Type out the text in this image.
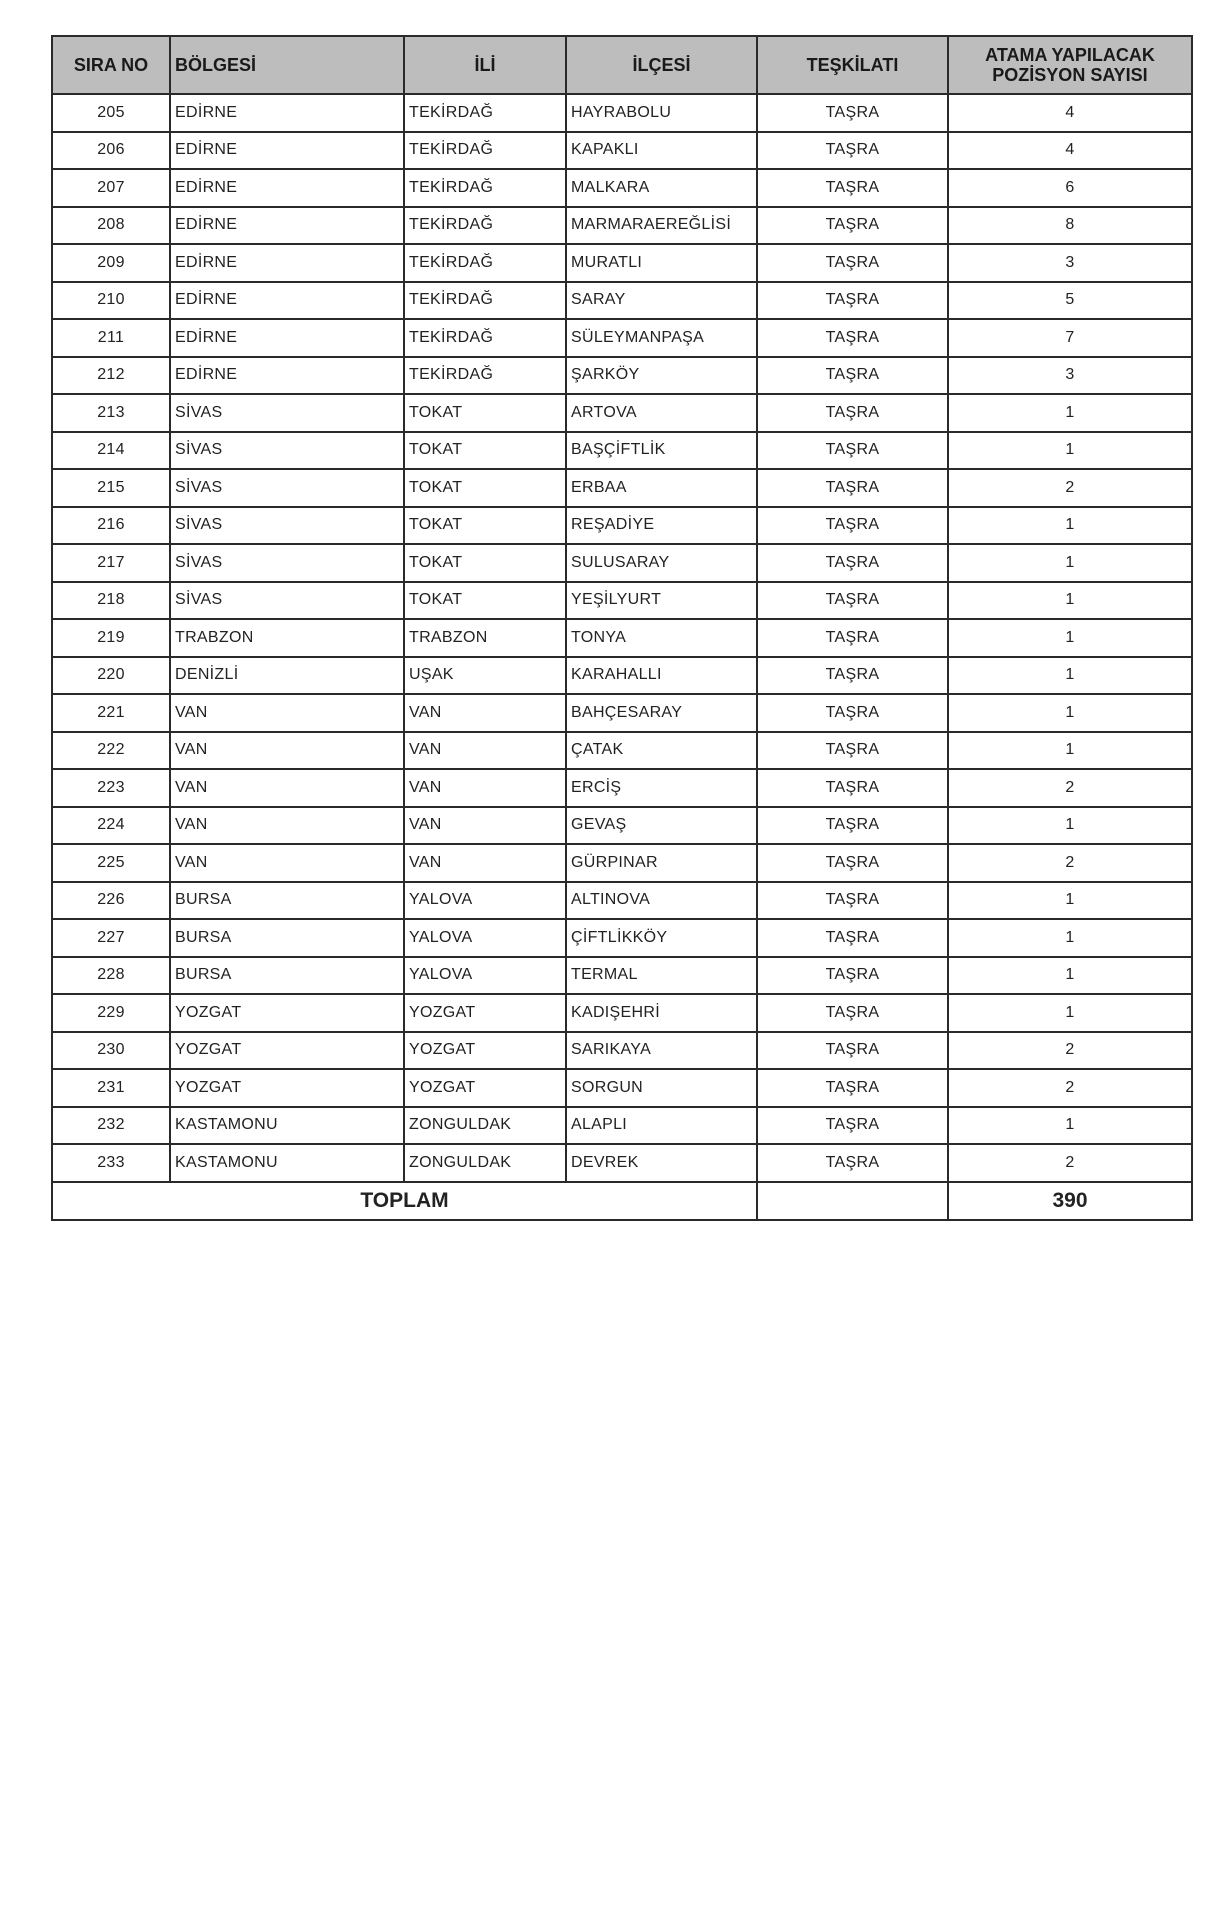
SIRA NO	BÖLGESİ	İLİ	İLÇESİ	TEŞKİLATI	ATAMA YAPILACAK
POZİSYON SAYISI

205	EDİRNE	TEKİRDAĞ	HAYRABOLU	TAŞRA	4
206	EDİRNE	TEKİRDAĞ	KAPAKLI	TAŞRA	4
207	EDİRNE	TEKİRDAĞ	MALKARA	TAŞRA	6
208	EDİRNE	TEKİRDAĞ	MARMARAEREĞLİSİ	TAŞRA	8
209	EDİRNE	TEKİRDAĞ	MURATLI	TAŞRA	3
210	EDİRNE	TEKİRDAĞ	SARAY	TAŞRA	5
211	EDİRNE	TEKİRDAĞ	SÜLEYMANPAŞA	TAŞRA	7
212	EDİRNE	TEKİRDAĞ	ŞARKÖY	TAŞRA	3
213	SİVAS	TOKAT	ARTOVA	TAŞRA	1
214	SİVAS	TOKAT	BAŞÇİFTLİK	TAŞRA	1
215	SİVAS	TOKAT	ERBAA	TAŞRA	2
216	SİVAS	TOKAT	REŞADİYE	TAŞRA	1
217	SİVAS	TOKAT	SULUSARAY	TAŞRA	1
218	SİVAS	TOKAT	YEŞİLYURT	TAŞRA	1
219	TRABZON	TRABZON	TONYA	TAŞRA	1
220	DENİZLİ	UŞAK	KARAHALLI	TAŞRA	1
221	VAN	VAN	BAHÇESARAY	TAŞRA	1
222	VAN	VAN	ÇATAK	TAŞRA	1
223	VAN	VAN	ERCİŞ	TAŞRA	2
224	VAN	VAN	GEVAŞ	TAŞRA	1
225	VAN	VAN	GÜRPINAR	TAŞRA	2
226	BURSA	YALOVA	ALTINOVA	TAŞRA	1
227	BURSA	YALOVA	ÇİFTLİKKÖY	TAŞRA	1
228	BURSA	YALOVA	TERMAL	TAŞRA	1
229	YOZGAT	YOZGAT	KADIŞEHRİ	TAŞRA	1
230	YOZGAT	YOZGAT	SARIKAYA	TAŞRA	2
231	YOZGAT	YOZGAT	SORGUN	TAŞRA	2
232	KASTAMONU	ZONGULDAK	ALAPLI	TAŞRA	1
233	KASTAMONU	ZONGULDAK	DEVREK	TAŞRA	2
TOPLAM					390
